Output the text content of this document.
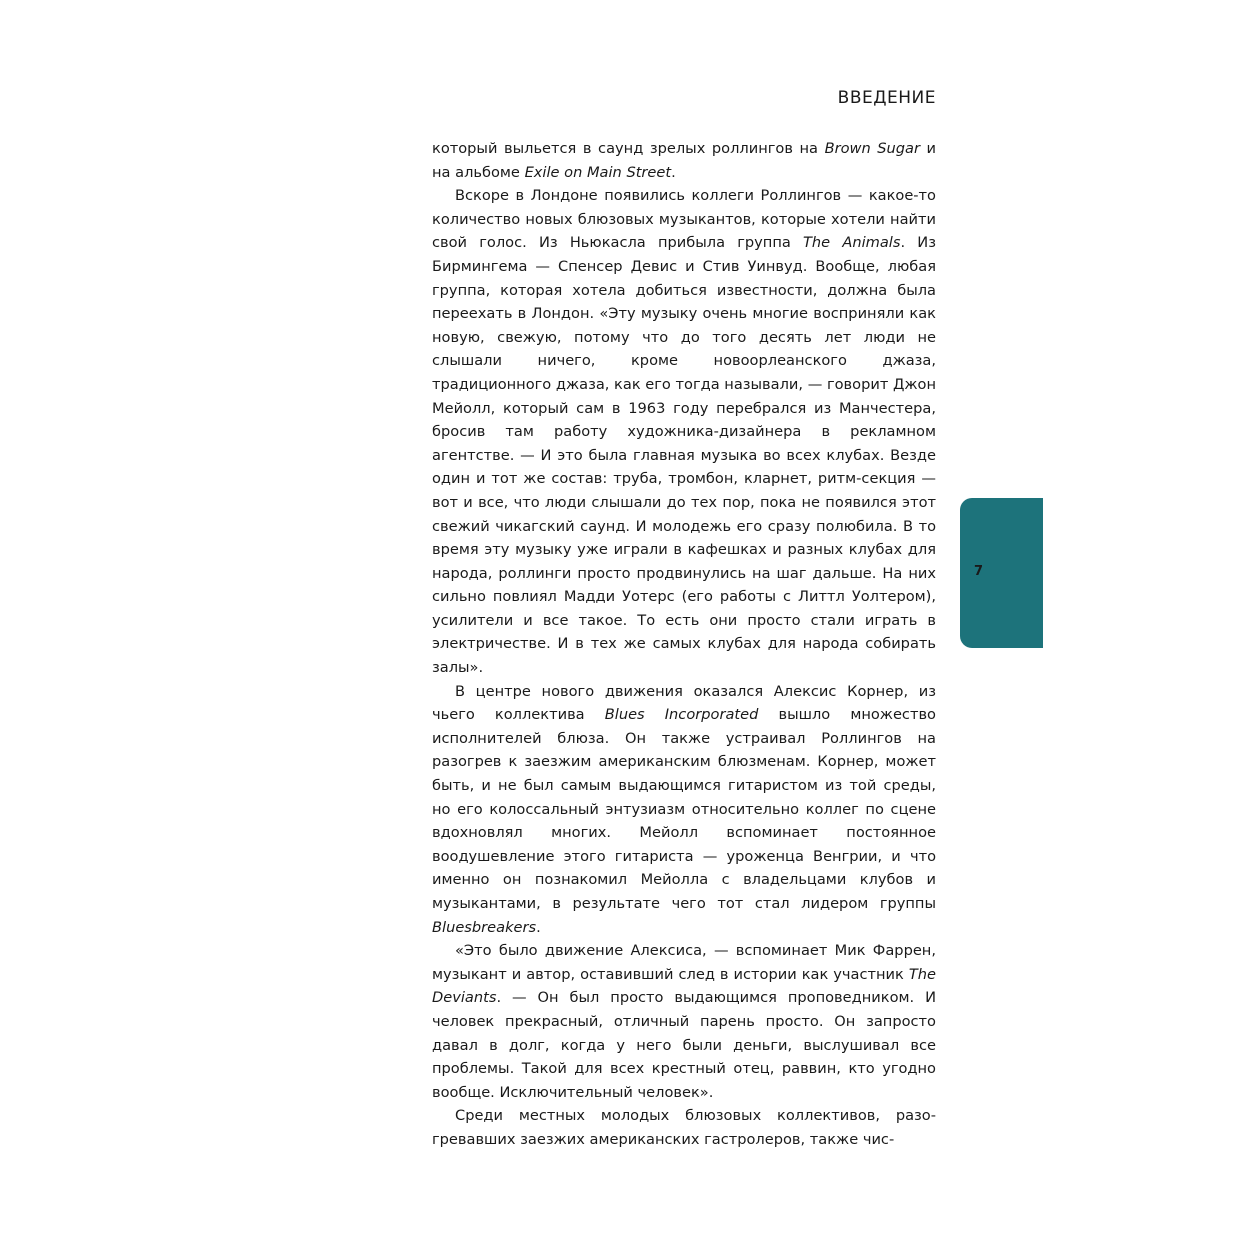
ВВЕДЕНИЕ

который выльется в саунд зрелых роллингов на Brown Sugar и на альбоме Exile on Main Street.

Вскоре в Лондоне появились коллеги Роллингов — какое-то количество новых блюзовых музыкантов, которые хотели найти свой голос. Из Ньюкасла прибыла группа The Animals. Из Бирмингема — Спенсер Девис и Стив Уинвуд. Вообще, любая группа, которая хотела добиться известности, должна была переехать в Лондон. «Эту музыку очень многие восприняли как новую, свежую, потому что до того десять лет люди не слышали ничего, кроме новоорлеанского джаза, традиционного джаза, как его тогда называли, — говорит Джон Мейолл, который сам в 1963 году перебрался из Манчестера, бросив там работу художника-дизайнера в рекламном агентстве. — И это была главная музыка во всех клубах. Везде один и тот же состав: труба, тромбон, кларнет, ритм-секция — вот и все, что люди слышали до тех пор, пока не появился этот свежий чикагский саунд. И молодежь его сразу полюбила. В то время эту музыку уже играли в кафешках и разных клубах для народа, роллинги просто продвинулись на шаг дальше. На них сильно повлиял Мадди Уотерс (его работы с Литтл Уолтером), усилители и все такое. То есть они просто стали играть в электричестве. И в тех же самых клубах для народа собирать залы».

В центре нового движения оказался Алексис Корнер, из чьего коллектива Blues Incorporated вышло множество исполнителей блюза. Он также устраивал Роллингов на разогрев к заезжим американским блюзменам. Корнер, может быть, и не был самым выдающимся гитаристом из той среды, но его колоссальный энтузиазм относительно коллег по сцене вдохновлял многих. Мейолл вспоминает постоянное воодушевление этого гитариста — уроженца Венгрии, и что именно он познакомил Мейолла с владельцами клубов и музыкантами, в результате чего тот стал лидером группы Bluesbreakers.

«Это было движение Алексиса, — вспоминает Мик Фаррен, музыкант и автор, оставивший след в истории как участник The Deviants. — Он был просто выдающимся проповедником. И человек прекрасный, отличный парень просто. Он запросто давал в долг, когда у него были деньги, выслушивал все проблемы. Такой для всех крестный отец, раввин, кто угодно вообще. Исключительный человек».

Среди местных молодых блюзовых коллективов, разогревавших заезжих американских гастролеров, также чис-

7
